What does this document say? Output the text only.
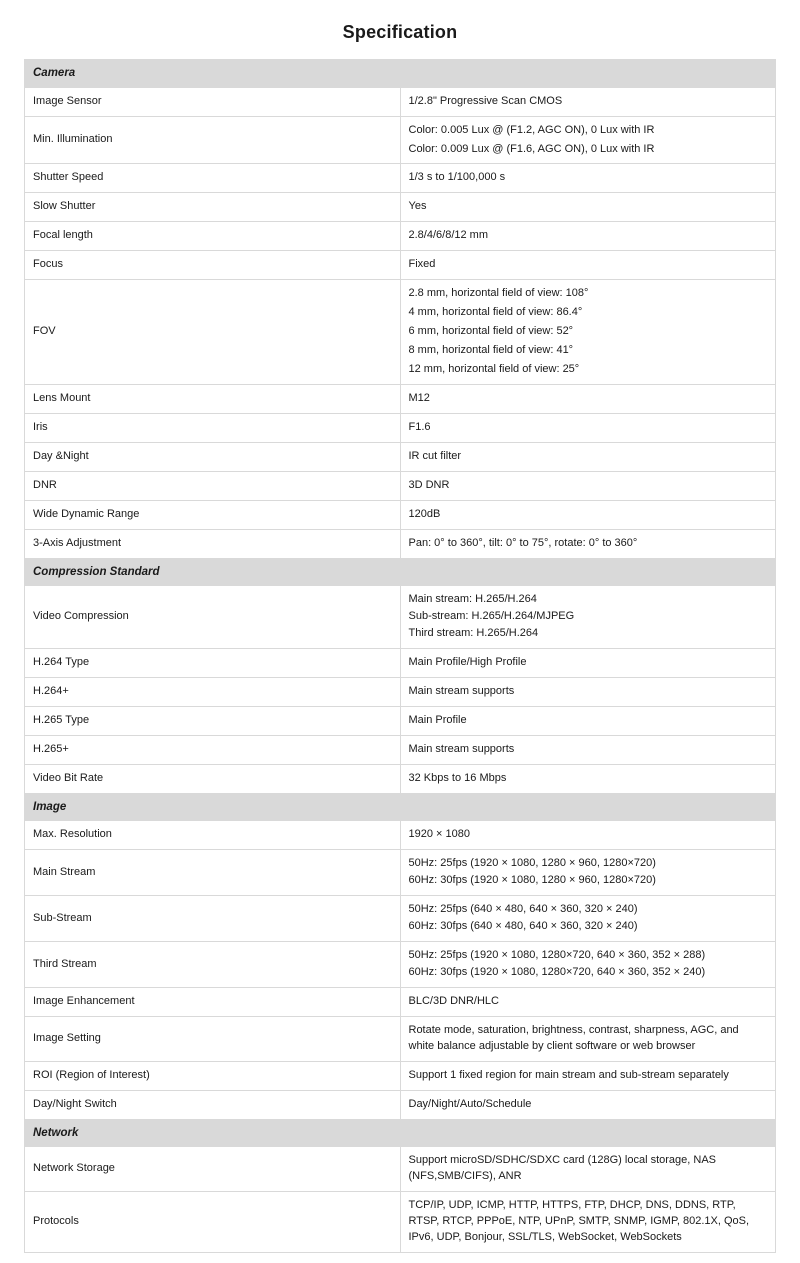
Specification
Camera	
Image Sensor	1/2.8" Progressive Scan CMOS

Min. Illumination	Color: 0.005 Lux @ (F1.2, AGC ON), 0 Lux with IR
Color: 0.009 Lux @ (F1.6, AGC ON), 0 Lux with IR

Shutter Speed	1/3 s to 1/100,000 s

Slow Shutter	Yes

Focal length	2.8/4/6/8/12 mm

Focus	Fixed

FOV	2.8 mm, horizontal field of view: 108°
4 mm, horizontal field of view: 86.4°
6 mm, horizontal field of view: 52°
8 mm, horizontal field of view: 41°
12 mm, horizontal field of view: 25°

Lens Mount	M12

Iris	F1.6

Day &Night	IR cut filter

DNR	3D DNR

Wide Dynamic Range	120dB

3-Axis Adjustment	Pan: 0° to 360°, tilt: 0° to 75°, rotate: 0° to 360°

Compression Standard	
Video Compression	Main stream: H.265/H.264
Sub-stream: H.265/H.264/MJPEG
Third stream: H.265/H.264

H.264 Type	Main Profile/High Profile

H.264+	Main stream supports

H.265 Type	Main Profile

H.265+	Main stream supports

Video Bit Rate	32 Kbps to 16 Mbps

Image	
Max. Resolution	1920 × 1080

Main Stream	50Hz: 25fps (1920 × 1080, 1280 × 960, 1280×720)
60Hz: 30fps (1920 × 1080, 1280 × 960, 1280×720)

Sub-Stream	50Hz: 25fps (640 × 480, 640 × 360, 320 × 240)
60Hz: 30fps (640 × 480, 640 × 360, 320 × 240)

Third Stream	50Hz: 25fps (1920 × 1080, 1280×720, 640 × 360, 352 × 288)
60Hz: 30fps (1920 × 1080, 1280×720, 640 × 360, 352 × 240)

Image Enhancement	BLC/3D DNR/HLC

Image Setting	Rotate mode, saturation, brightness, contrast, sharpness, AGC, and white balance adjustable by client software or web browser

ROI (Region of Interest)	Support 1 fixed region for main stream and sub-stream separately

Day/Night Switch	Day/Night/Auto/Schedule

Network	
Network Storage	Support microSD/SDHC/SDXC card (128G) local storage, NAS (NFS,SMB/CIFS), ANR

Protocols	TCP/IP, UDP, ICMP, HTTP, HTTPS, FTP, DHCP, DNS, DDNS, RTP, RTSP, RTCP, PPPoE, NTP, UPnP, SMTP, SNMP, IGMP, 802.1X, QoS, IPv6, UDP, Bonjour, SSL/TLS, WebSocket, WebSockets
